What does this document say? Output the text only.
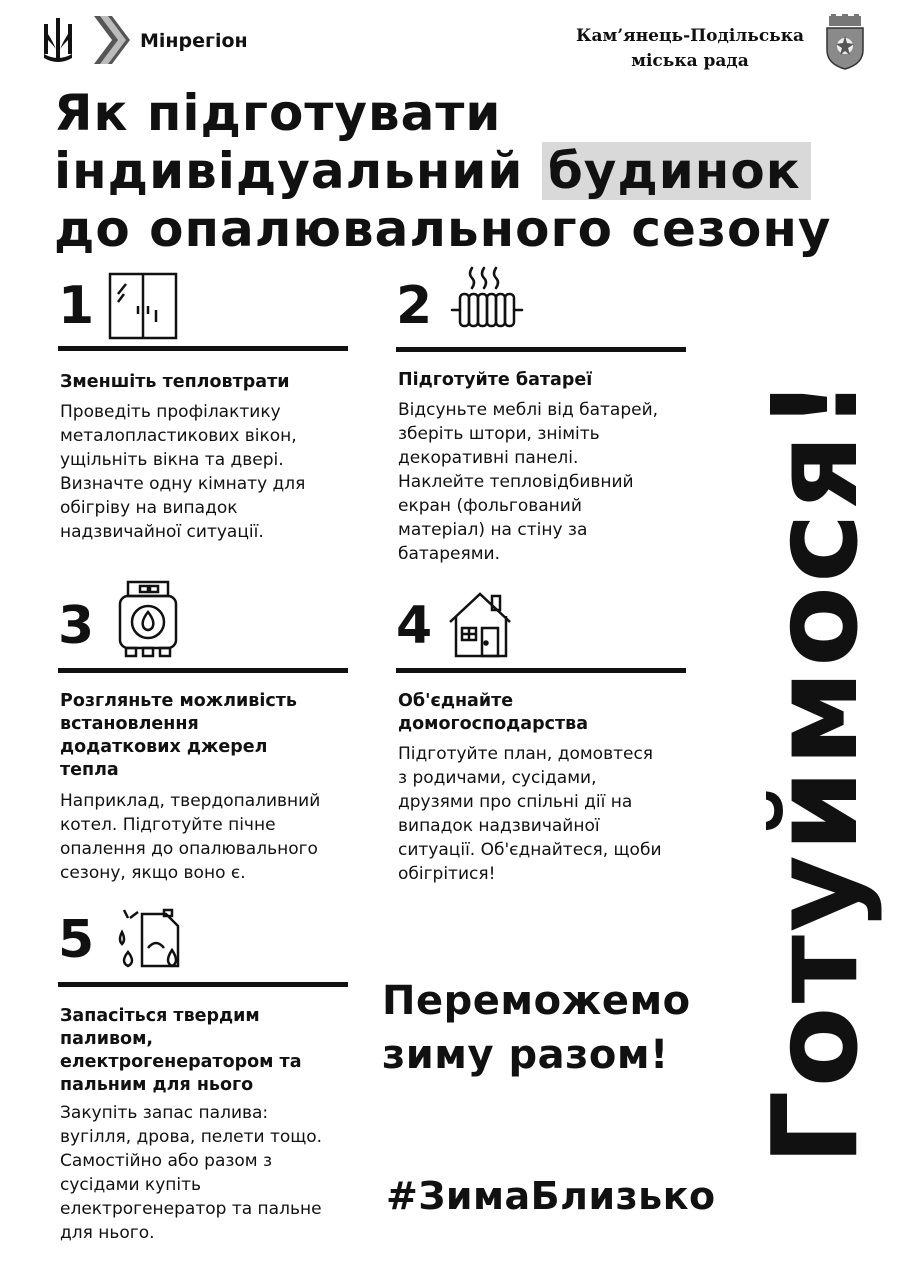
Мінрегіон	Кам’янець-Подільська
міська рада
Як підготувати
індивідуальний будинок
до опалювального сезону
1
Зменшіть тепловтрати
Проведіть профілактику
металопластикових вікон,
ущільніть вікна та двері.
Визначте одну кімнату для
обігріву на випадок
надзвичайної ситуації.
2
Підготуйте батареї
Відсуньте меблі від батарей,
зберіть штори, зніміть
декоративні панелі.
Наклейте тепловідбивний
екран (фольгований
матеріал) на стіну за
батареями.
3
Розгляньте можливість
встановлення
додаткових джерел
тепла
Наприклад, твердопаливний
котел. Підготуйте пічне
опалення до опалювального
сезону, якщо воно є.
4
Об'єднайте
домогосподарства
Підготуйте план, домовтеся
з родичами, сусідами,
друзями про спільні дії на
випадок надзвичайної
ситуації. Об'єднайтеся, щоби
обігрітися!
5
Запасіться твердим
паливом,
електрогенератором та
пальним для нього
Закупіть запас палива:
вугілля, дрова, пелети тощо.
Самостійно або разом з
сусідами купіть
електрогенератор та пальне
для нього.
Переможемо
зиму разом!
#ЗимаБлизько
Готуймося!
